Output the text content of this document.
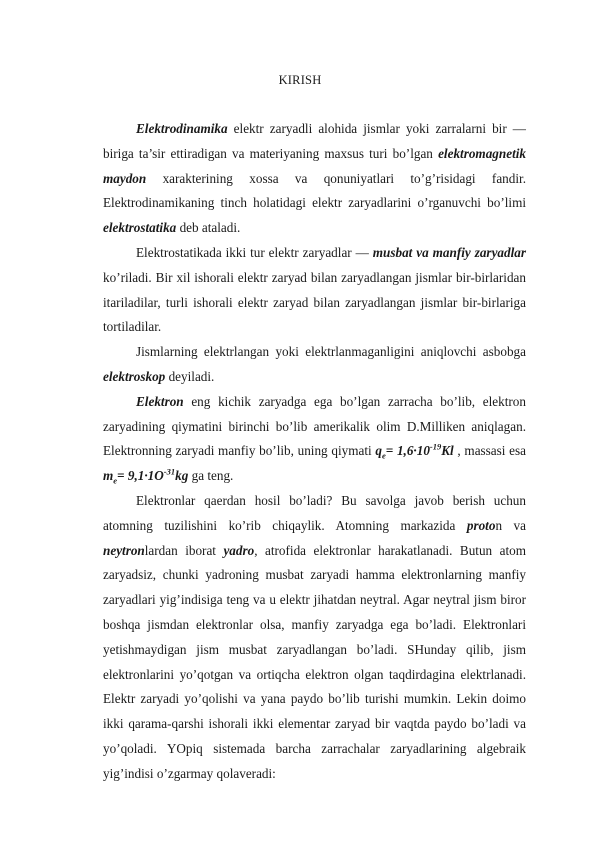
KIRISH

Elektrodinamika elektr zaryadli alohida jismlar yoki zarralarni bir — biriga ta’sir ettiradigan va materiyaning maxsus turi bo’lgan elektromagnetik maydon xarakterining xossa va qonuniyatlari to’g’risidagi fandir. Elektrodinamikaning tinch holatidagi elektr zaryadlarini o’rganuvchi bo’limi elektrostatika deb ataladi.

Elektrostatikada ikki tur elektr zaryadlar — musbat va manfiy zaryadlar ko’riladi. Bir xil ishorali elektr zaryad bilan zaryadlangan jismlar bir-birlaridan itariladilar, turli ishorali elektr zaryad bilan zaryadlangan jismlar bir-birlariga tortiladilar.

Jismlarning elektrlangan yoki elektrlanmaganligini aniqlovchi asbobga elektroskop deyiladi.

Elektron eng kichik zaryadga ega bo’lgan zarracha bo’lib, elektron zaryadining qiymatini birinchi bo’lib amerikalik olim D.Milliken aniqlagan. Elektronning zaryadi manfiy bo’lib, uning qiymati $q_e= 1,6\cdot 10^{-19}Kl$ , massasi esa $m_e= 9,1\cdot 1O^{-31}kg$ ga teng.

Elektronlar qaerdan hosil bo’ladi? Bu savolga javob berish uchun atomning tuzilishini ko’rib chiqaylik. Atomning markazida proton va neytronlardan iborat yadro, atrofida elektronlar harakatlanadi. Butun atom zaryadsiz, chunki yadroning musbat zaryadi hamma elektronlarning manfiy zaryadlari yig’indisiga teng va u elektr jihatdan neytral. Agar neytral jism biror boshqa jismdan elektronlar olsa, manfiy zaryadga ega bo’ladi. Elektronlari yetishmaydigan jism musbat zaryadlangan bo’ladi. SHunday qilib, jism elektronlarini yo’qotgan va ortiqcha elektron olgan taqdirdagina elektrlanadi. Elektr zaryadi yo’qolishi va yana paydo bo’lib turishi mumkin. Lekin doimo ikki qarama-qarshi ishorali ikki elementar zaryad bir vaqtda paydo bo’ladi va yo’qoladi. YOpiq sistemada barcha zarrachalar zaryadlarining algebraik yig’indisi o’zgarmay qolaveradi:
